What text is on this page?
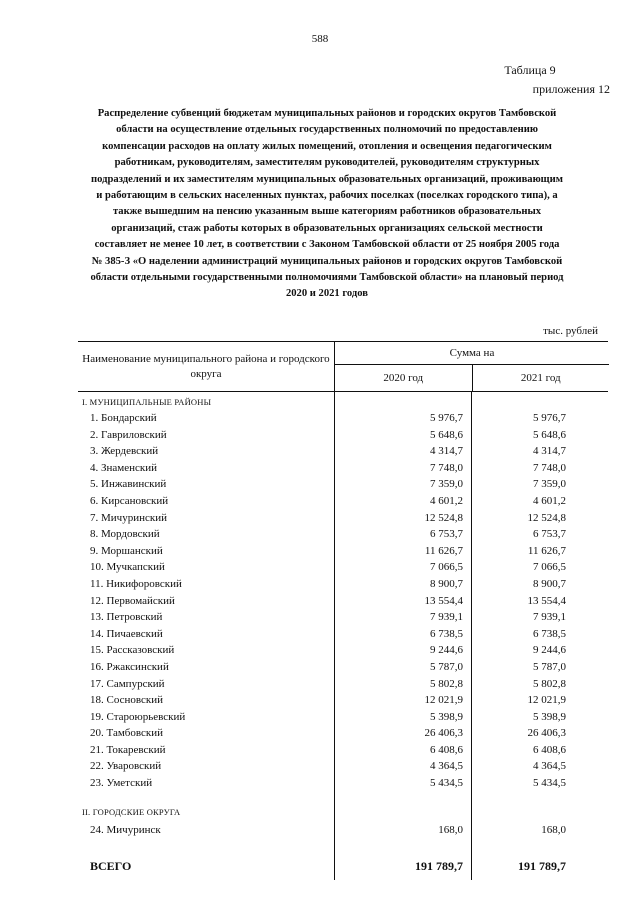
588
Таблица 9
приложения 12
Распределение субвенций бюджетам муниципальных районов и городских округов Тамбовской области на осуществление отдельных государственных полномочий по предоставлению компенсации расходов на оплату жилых помещений, отопления и освещения педагогическим работникам, руководителям, заместителям руководителей, руководителям структурных подразделений и их заместителям муниципальных образовательных организаций, проживающим и работающим в сельских населенных пунктах, рабочих поселках (поселках городского типа), а также вышедшим на пенсию указанным выше категориям работников образовательных организаций, стаж работы которых в образовательных организациях сельской местности составляет не менее 10 лет, в соответствии с Законом Тамбовской области от 25 ноября 2005 года № 385-З «О наделении администраций муниципальных районов и городских округов Тамбовской области отдельными государственными полномочиями Тамбовской области» на плановый период 2020 и 2021 годов
тыс. рублей
Наименование муниципального района и городского округа
Сумма на
2020 год	2021 год
I. МУНИЦИПАЛЬНЫЕ РАЙОНЫ
1. Бондарский	5 976,7	5 976,7
2. Гавриловский	5 648,6	5 648,6
3. Жердевский	4 314,7	4 314,7
4. Знаменский	7 748,0	7 748,0
5. Инжавинский	7 359,0	7 359,0
6. Кирсановский	4 601,2	4 601,2
7. Мичуринский	12 524,8	12 524,8
8. Мордовский	6 753,7	6 753,7
9. Моршанский	11 626,7	11 626,7
10. Мучкапский	7 066,5	7 066,5
11. Никифоровский	8 900,7	8 900,7
12. Первомайский	13 554,4	13 554,4
13. Петровский	7 939,1	7 939,1
14. Пичаевский	6 738,5	6 738,5
15. Рассказовский	9 244,6	9 244,6
16. Ржаксинский	5 787,0	5 787,0
17. Сампурский	5 802,8	5 802,8
18. Сосновский	12 021,9	12 021,9
19. Староюрьевский	5 398,9	5 398,9
20. Тамбовский	26 406,3	26 406,3
21. Токаревский	6 408,6	6 408,6
22. Уваровский	4 364,5	4 364,5
23. Уметский	5 434,5	5 434,5
II. ГОРОДСКИЕ ОКРУГА
24. Мичуринск	168,0	168,0
ВСЕГО	191 789,7	191 789,7
